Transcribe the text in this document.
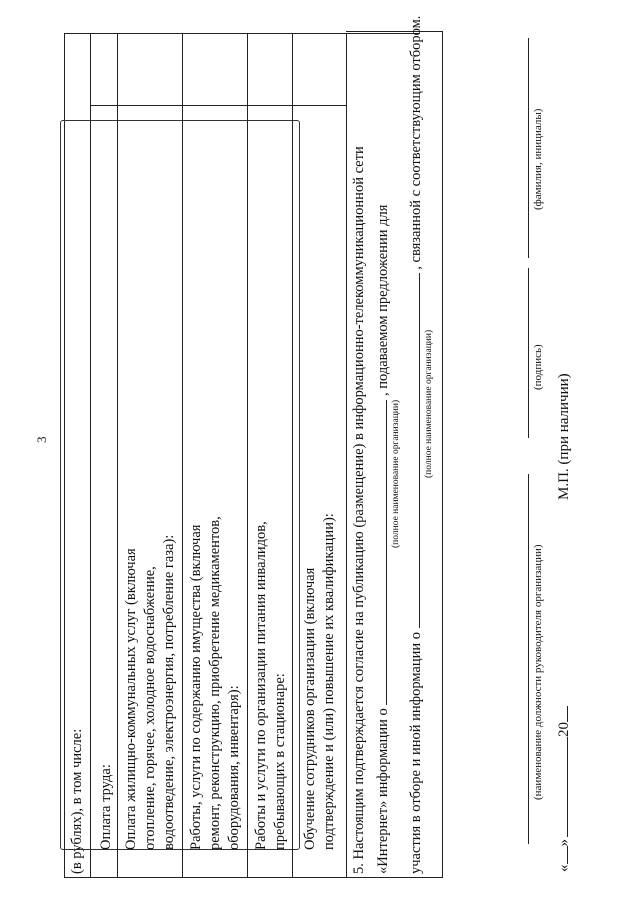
3
(в рублях), в том числе: Оплата труда: Оплата жилищно-коммунальных услуг (включая отопление, горячее, холодное водоснабжение, водоотведение, электроэнергия, потребление газа): Работы, услуги по содержанию имущества (включая ремонт, реконструкцию, приобретение медикаментов, оборудования, инвентаря): Работы и услуги по организации питания инвалидов, пребывающих в стационаре: Обучение сотрудников организации (включая подтверждение и (или) повышение их квалификации): 5. Настоящим подтверждается согласие на публикацию (размещение) в информационно-телекоммуникационной сети «Интернет» информации о  , подаваемом предложении для
(полное наименование организации)
участия в отборе и иной информации о  , связанной с соответствующим отбором.
(полное наименование организации)
(наименование должности руководителя организации)
(подпись)
(фамилия, инициалы)
«»20
М.П. (при наличии)
